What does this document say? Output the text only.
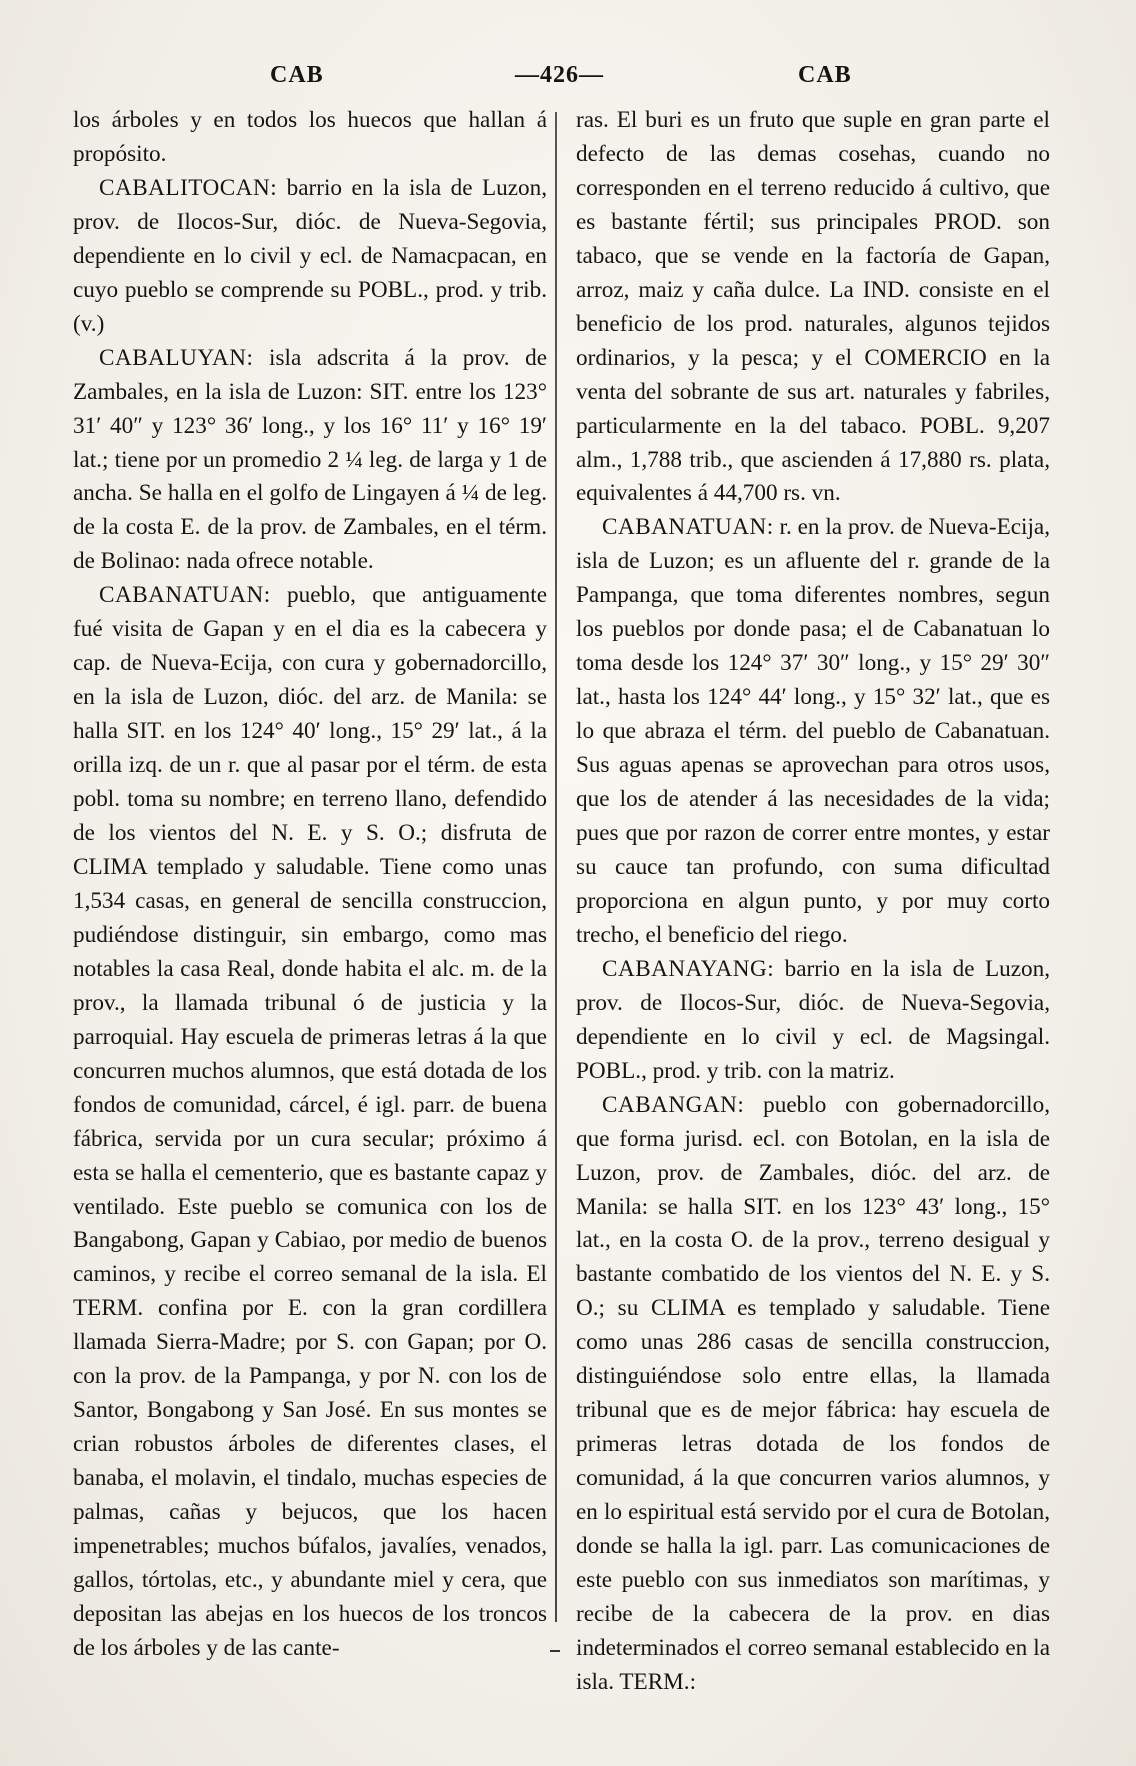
CAB	—426—	CAB

los árboles y en todos los huecos que hallan á propósito.

CABALITOCAN: barrio en la isla de Luzon, prov. de Ilocos-Sur, dióc. de Nueva-Segovia, dependiente en lo civil y ecl. de Namacpacan, en cuyo pueblo se comprende su POBL., prod. y trib. (v.)

CABALUYAN: isla adscrita á la prov. de Zambales, en la isla de Luzon: SIT. entre los 123° 31′ 40″ y 123° 36′ long., y los 16° 11′ y 16° 19′ lat.; tiene por un promedio 2 ¼ leg. de larga y 1 de ancha. Se halla en el golfo de Lingayen á ¼ de leg. de la costa E. de la prov. de Zambales, en el térm. de Bolinao: nada ofrece notable.

CABANATUAN: pueblo, que antiguamente fué visita de Gapan y en el dia es la cabecera y cap. de Nueva-Ecija, con cura y gobernadorcillo, en la isla de Luzon, dióc. del arz. de Manila: se halla SIT. en los 124° 40′ long., 15° 29′ lat., á la orilla izq. de un r. que al pasar por el térm. de esta pobl. toma su nombre; en terreno llano, defendido de los vientos del N. E. y S. O.; disfruta de CLIMA templado y saludable. Tiene como unas 1,534 casas, en general de sencilla construccion, pudiéndose distinguir, sin embargo, como mas notables la casa Real, donde habita el alc. m. de la prov., la llamada tribunal ó de justicia y la parroquial. Hay escuela de primeras letras á la que concurren muchos alumnos, que está dotada de los fondos de comunidad, cárcel, é igl. parr. de buena fábrica, servida por un cura secular; próximo á esta se halla el cementerio, que es bastante capaz y ventilado. Este pueblo se comunica con los de Bangabong, Gapan y Cabiao, por medio de buenos caminos, y recibe el correo semanal de la isla. El TERM. confina por E. con la gran cordillera llamada Sierra-Madre; por S. con Gapan; por O. con la prov. de la Pampanga, y por N. con los de Santor, Bongabong y San José. En sus montes se crian robustos árboles de diferentes clases, el banaba, el molavin, el tindalo, muchas especies de palmas, cañas y bejucos, que los hacen impenetrables; muchos búfalos, javalíes, venados, gallos, tórtolas, etc., y abundante miel y cera, que depositan las abejas en los huecos de los troncos de los árboles y de las cante-

ras. El buri es un fruto que suple en gran parte el defecto de las demas cosehas, cuando no corresponden en el terreno reducido á cultivo, que es bastante fértil; sus principales PROD. son tabaco, que se vende en la factoría de Gapan, arroz, maiz y caña dulce. La IND. consiste en el beneficio de los prod. naturales, algunos tejidos ordinarios, y la pesca; y el COMERCIO en la venta del sobrante de sus art. naturales y fabriles, particularmente en la del tabaco. POBL. 9,207 alm., 1,788 trib., que ascienden á 17,880 rs. plata, equivalentes á 44,700 rs. vn.

CABANATUAN: r. en la prov. de Nueva-Ecija, isla de Luzon; es un afluente del r. grande de la Pampanga, que toma diferentes nombres, segun los pueblos por donde pasa; el de Cabanatuan lo toma desde los 124° 37′ 30″ long., y 15° 29′ 30″ lat., hasta los 124° 44′ long., y 15° 32′ lat., que es lo que abraza el térm. del pueblo de Cabanatuan. Sus aguas apenas se aprovechan para otros usos, que los de atender á las necesidades de la vida; pues que por razon de correr entre montes, y estar su cauce tan profundo, con suma dificultad proporciona en algun punto, y por muy corto trecho, el beneficio del riego.

CABANAYANG: barrio en la isla de Luzon, prov. de Ilocos-Sur, dióc. de Nueva-Segovia, dependiente en lo civil y ecl. de Magsingal. POBL., prod. y trib. con la matriz.

CABANGAN: pueblo con gobernadorcillo, que forma jurisd. ecl. con Botolan, en la isla de Luzon, prov. de Zambales, dióc. del arz. de Manila: se halla SIT. en los 123° 43′ long., 15° lat., en la costa O. de la prov., terreno desigual y bastante combatido de los vientos del N. E. y S. O.; su CLIMA es templado y saludable. Tiene como unas 286 casas de sencilla construccion, distinguiéndose solo entre ellas, la llamada tribunal que es de mejor fábrica: hay escuela de primeras letras dotada de los fondos de comunidad, á la que concurren varios alumnos, y en lo espiritual está servido por el cura de Botolan, donde se halla la igl. parr. Las comunicaciones de este pueblo con sus inmediatos son marítimas, y recibe de la cabecera de la prov. en dias indeterminados el correo semanal establecido en la isla. TERM.:
